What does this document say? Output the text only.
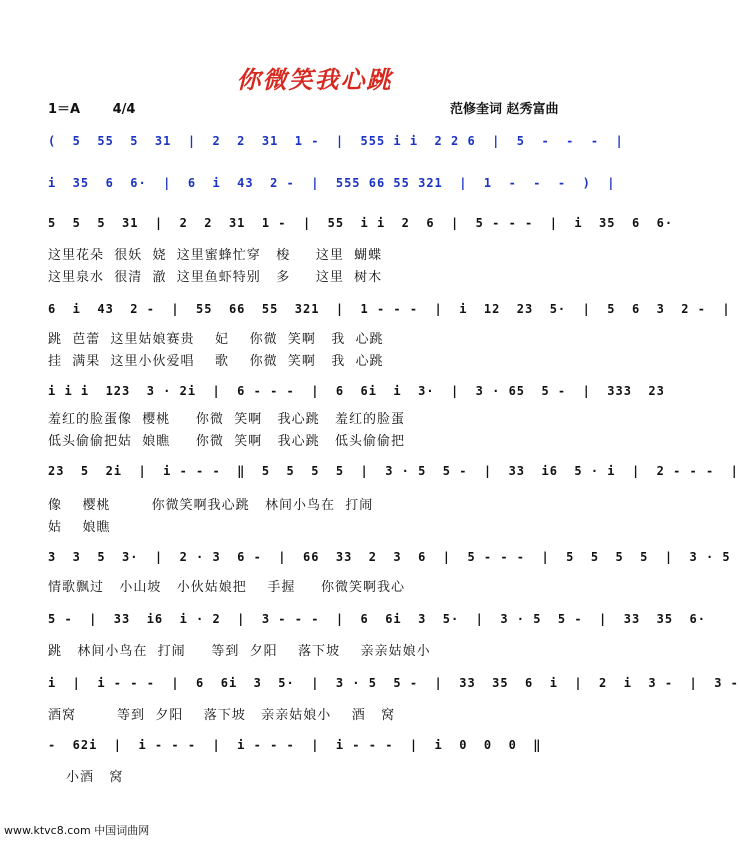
你微笑我心跳
1＝A	4/4	范修奎词 赵秀富曲
(  5  55  5  31  |  2  2  31  1 -  |  555 i i  2 2 6  |  5  -  -  -  |
i  35  6  6·  |  6  i  43  2 -  |  555 66 55 321  |  1  -  -  -  )  |
5  5  5  31  |  2  2  31  1 -  |  55  i i  2  6  |  5 - - -  |  i  35  6  6·
这里花朵  很妖  娆  这里蜜蜂忙穿   梭     这里  蝴蝶
这里泉水  很清  澈  这里鱼虾特别   多     这里  树木
6  i  43  2 -  |  55  66  55  321  |  1 - - -  |  i  12  23  5·  |  5  6  3  2 -  |
跳  芭蕾  这里姑娘赛贵    妃    你微  笑啊   我  心跳
挂  满果  这里小伙爱唱    歌    你微  笑啊   我  心跳
i i i  123  3 · 2i  |  6 - - -  |  6  6i  i  3·  |  3 · 65  5 -  |  333  23
羞红的脸蛋像  樱桃     你微  笑啊   我心跳   羞红的脸蛋
低头偷偷把姑  娘瞧     你微  笑啊   我心跳   低头偷偷把
23  5  2i  |  i - - -  ‖  5  5  5  5  |  3 · 5  5 -  |  33  i6  5 · i  |  2 - - -  |
像    樱桃        你微笑啊我心跳   林间小鸟在  打闹
姑    娘瞧
3  3  5  3·  |  2 · 3  6 -  |  66  33  2  3  6  |  5 - - -  |  5  5  5  5  |  3 · 5
情歌飘过   小山坡   小伙姑娘把    手握     你微笑啊我心
5 -  |  33  i6  i · 2  |  3 - - -  |  6  6i  3  5·  |  3 · 5  5 -  |  33  35  6·
跳   林间小鸟在  打闹     等到  夕阳    落下坡    亲亲姑娘小
i  |  i - - -  |  6  6i  3  5·  |  3 · 5  5 -  |  33  35  6  i  |  2  i  3 -  |  3 -
酒窝        等到  夕阳    落下坡   亲亲姑娘小    酒   窝
-  62i  |  i - - -  |  i - - -  |  i - - -  |  i  0  0  0  ‖
小酒   窝
www.ktvc8.com 中国词曲网
